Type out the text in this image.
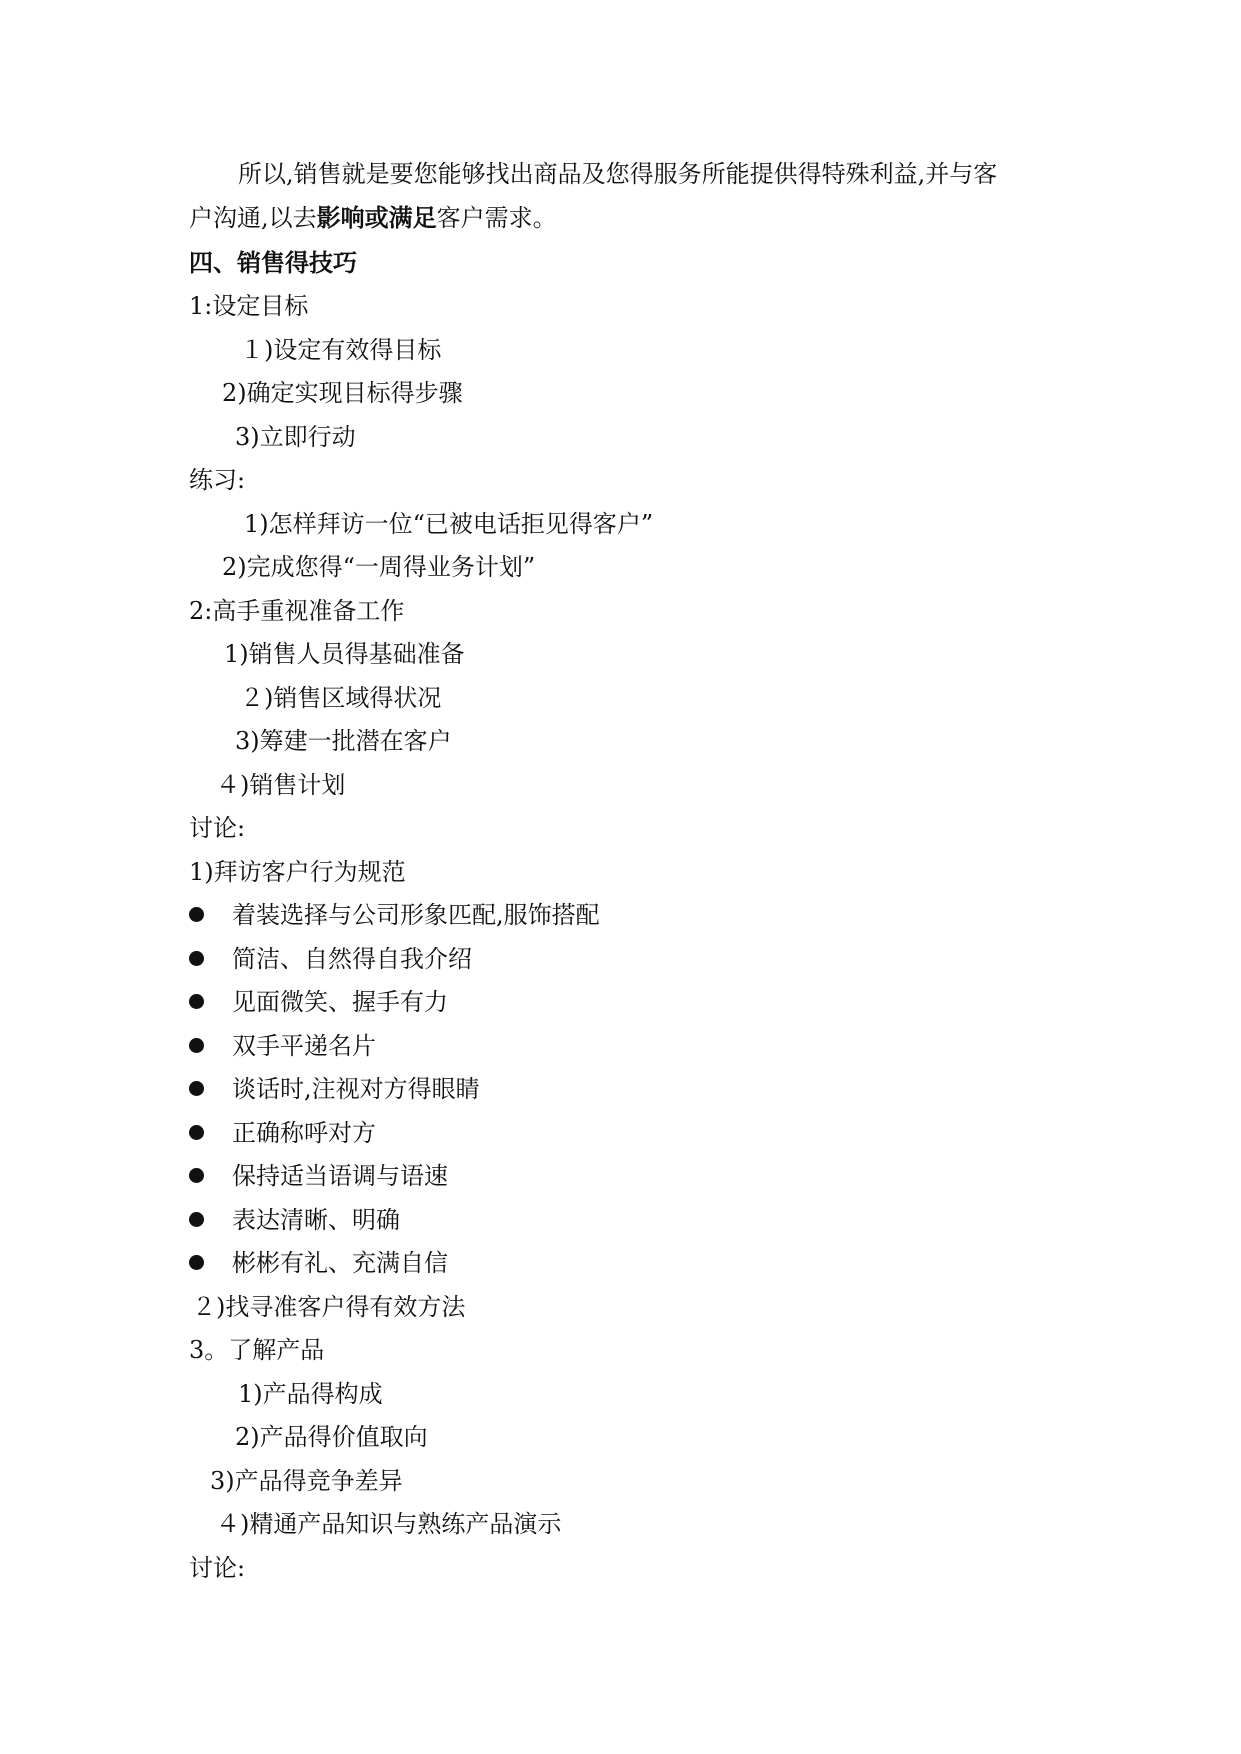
所以,销售就是要您能够找出商品及您得服务所能提供得特殊利益,并与客
户沟通,以去影响或满足客户需求。
四、销售得技巧
1:设定目标
１)设定有效得目标
2)确定实现目标得步骤
3)立即行动
练习:
1)怎样拜访一位“已被电话拒见得客户”
2)完成您得“一周得业务计划”
2:高手重视准备工作
1)销售人员得基础准备
２)销售区域得状况
3)筹建一批潜在客户
４)销售计划
讨论:
1)拜访客户行为规范
着装选择与公司形象匹配,服饰搭配
简洁、自然得自我介绍
见面微笑、握手有力
双手平递名片
谈话时,注视对方得眼睛
正确称呼对方
保持适当语调与语速
表达清晰、明确
彬彬有礼、充满自信
２)找寻准客户得有效方法
3。了解产品
1)产品得构成
2)产品得价值取向
3)产品得竞争差异
４)精通产品知识与熟练产品演示
讨论:
